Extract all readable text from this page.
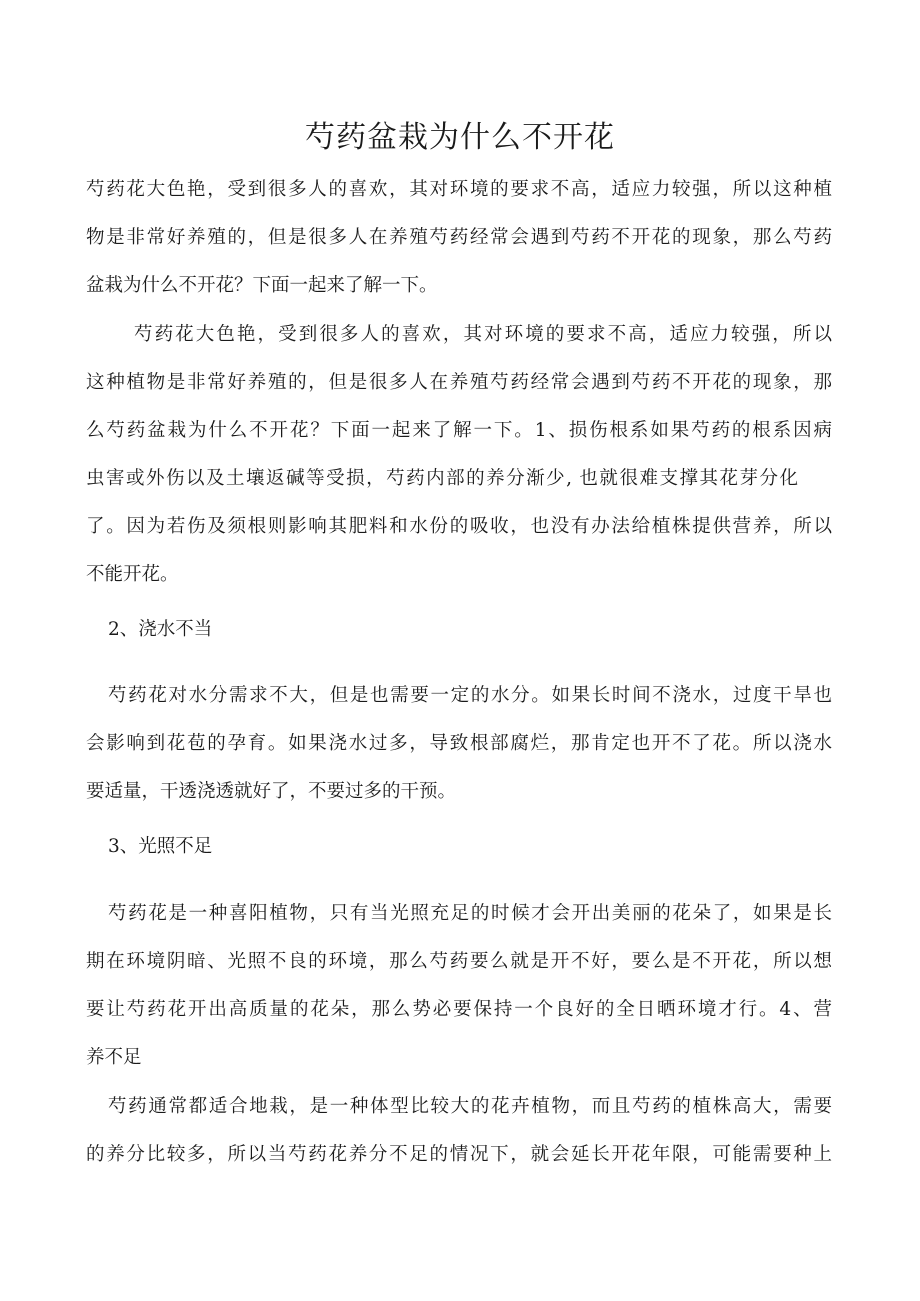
芍药盆栽为什么不开花

芍药花大色艳，受到很多人的喜欢，其对环境的要求不高，适应力较强，所以这种植

物是非常好养殖的，但是很多人在养殖芍药经常会遇到芍药不开花的现象，那么芍药

盆栽为什么不开花？下面一起来了解一下。

芍药花大色艳，受到很多人的喜欢，其对环境的要求不高，适应力较强，所以

这种植物是非常好养殖的，但是很多人在养殖芍药经常会遇到芍药不开花的现象，那

么芍药盆栽为什么不开花？下面一起来了解一下。1、损伤根系如果芍药的根系因病

虫害或外伤以及土壤返碱等受损，芍药内部的养分渐少, 也就很难支撑其花芽分化

了。因为若伤及须根则影响其肥料和水份的吸收，也没有办法给植株提供营养，所以

不能开花。

2、浇水不当

芍药花对水分需求不大，但是也需要一定的水分。如果长时间不浇水，过度干旱也

会影响到花苞的孕育。如果浇水过多，导致根部腐烂，那肯定也开不了花。所以浇水

要适量，干透浇透就好了，不要过多的干预。

3、光照不足

芍药花是一种喜阳植物，只有当光照充足的时候才会开出美丽的花朵了，如果是长

期在环境阴暗、光照不良的环境，那么芍药要么就是开不好，要么是不开花，所以想

要让芍药花开出高质量的花朵，那么势必要保持一个良好的全日晒环境才行。4、营

养不足

芍药通常都适合地栽，是一种体型比较大的花卉植物，而且芍药的植株高大，需要

的养分比较多，所以当芍药花养分不足的情况下，就会延长开花年限，可能需要种上
